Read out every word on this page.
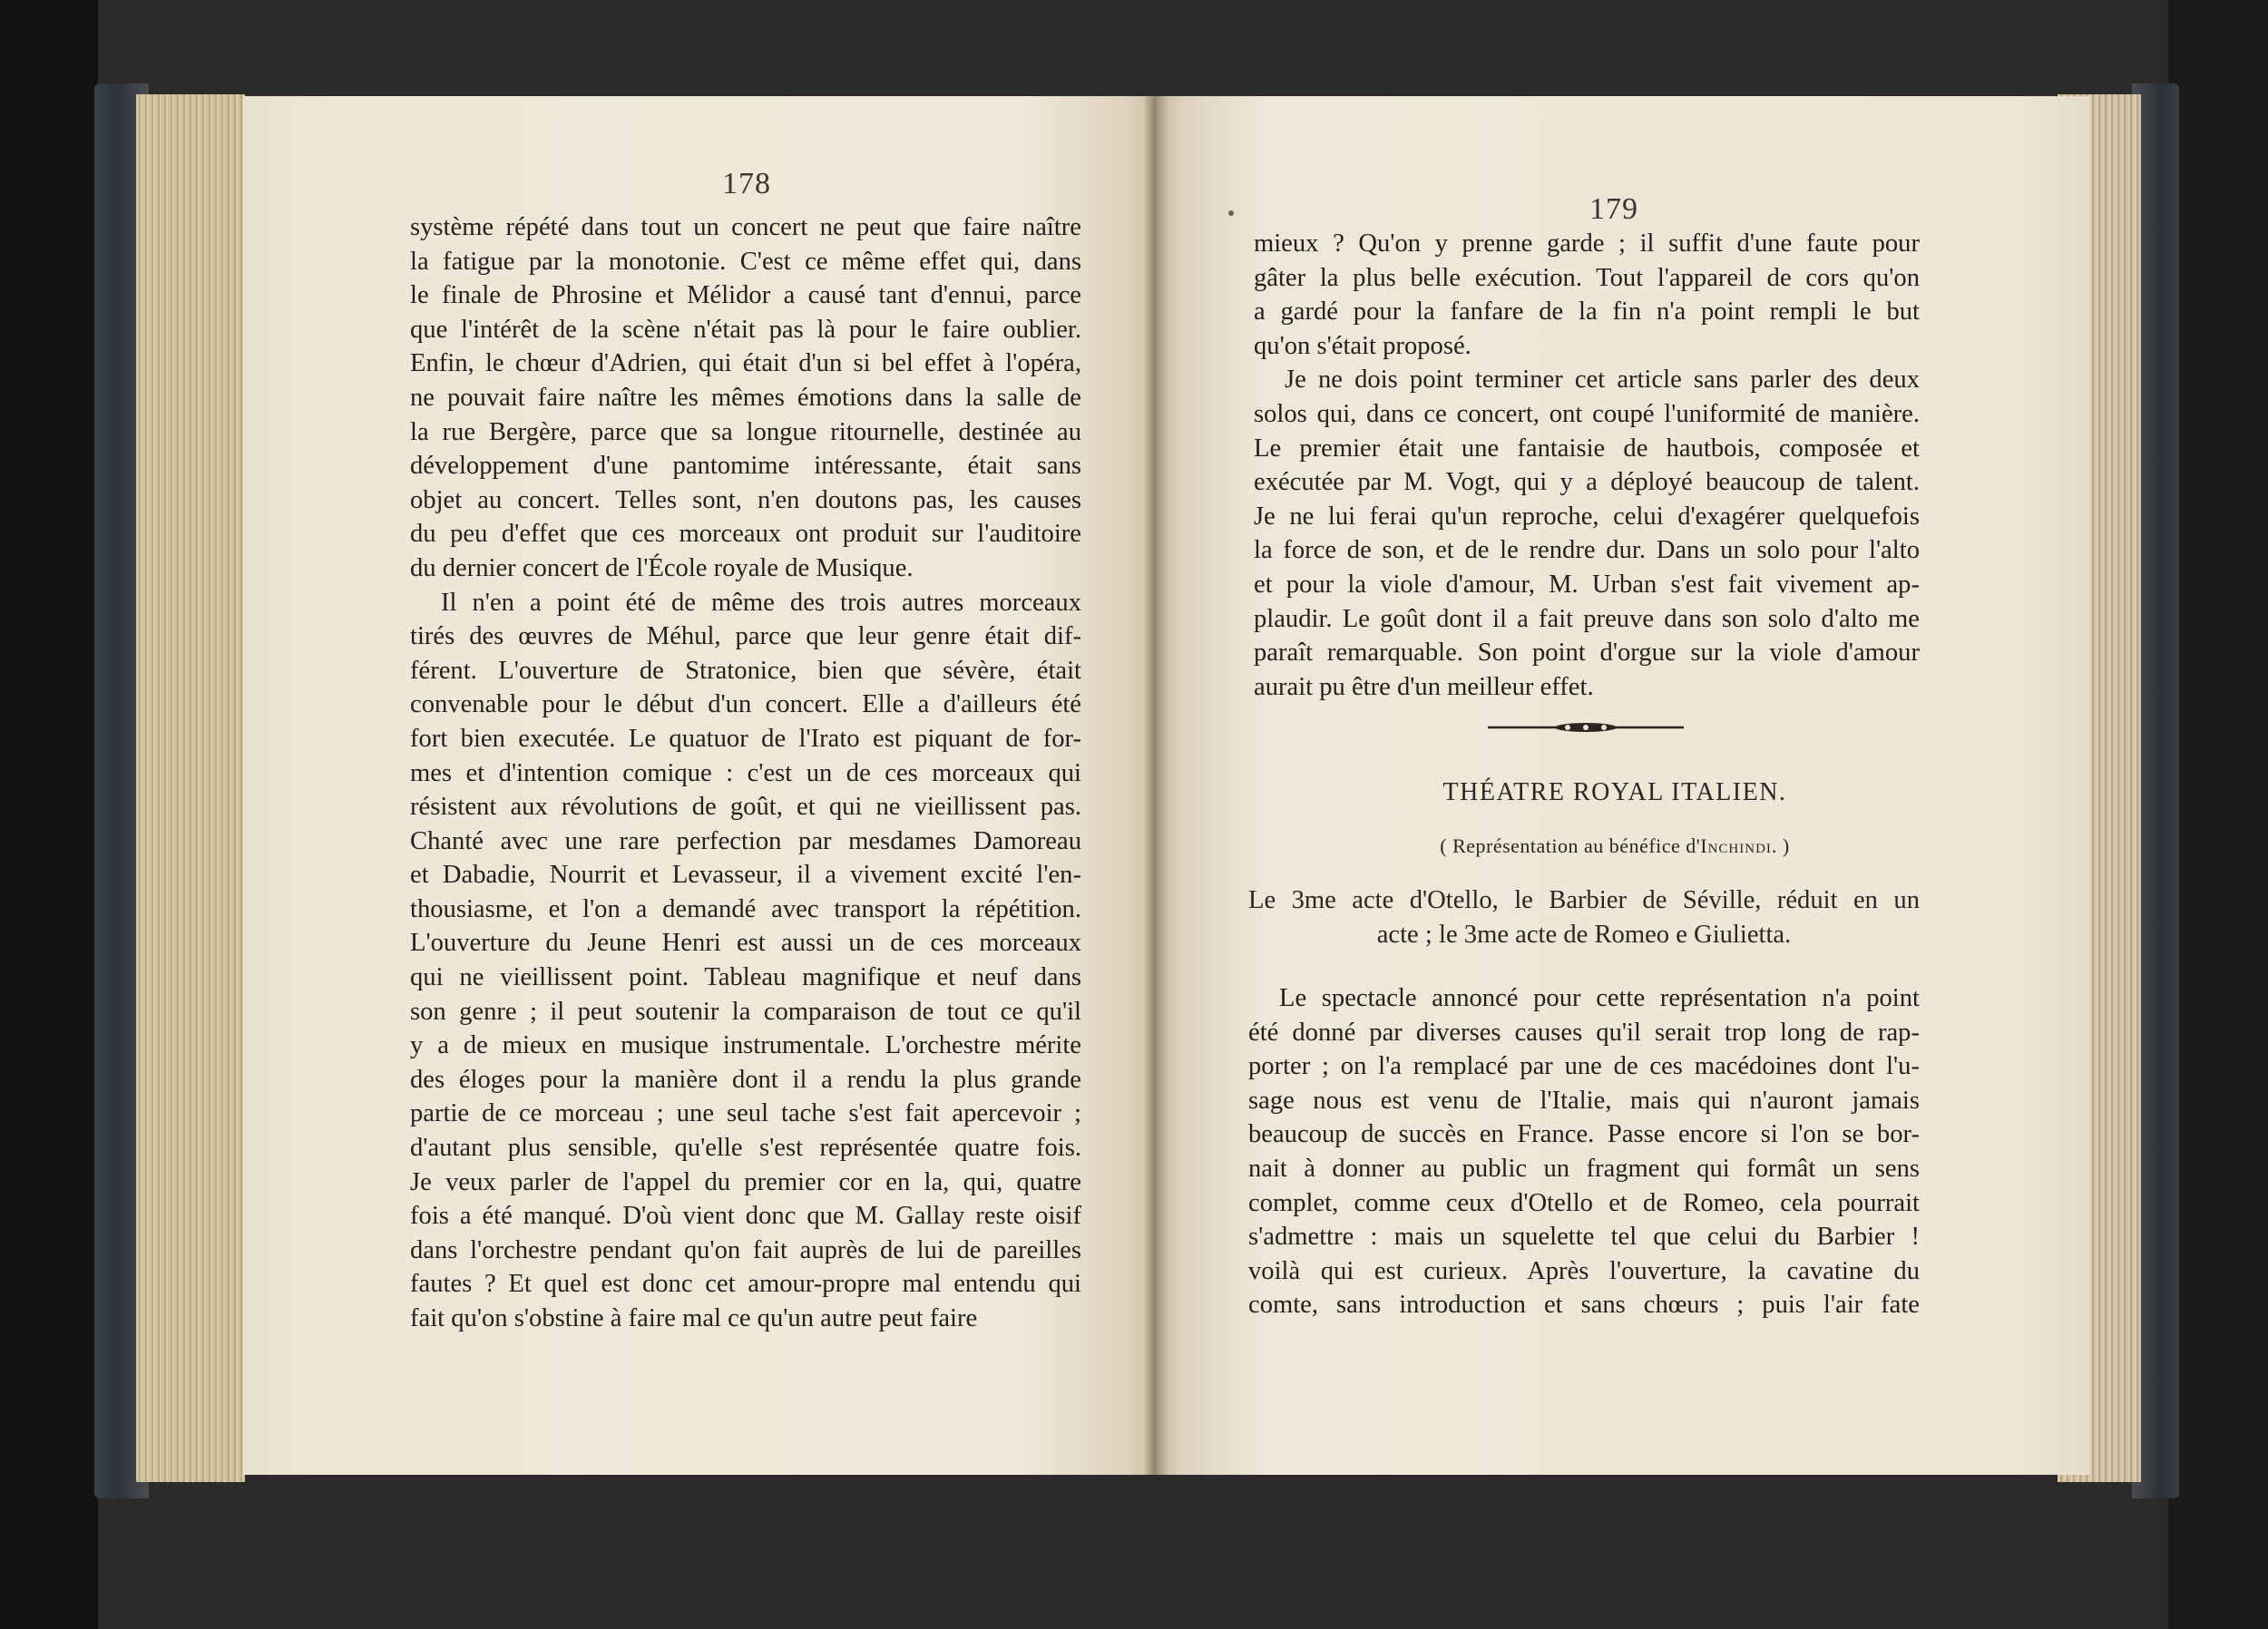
178
système répété dans tout un concert ne peut que faire naître
la fatigue par la monotonie. C'est ce même effet qui, dans
le finale de Phrosine et Mélidor a causé tant d'ennui, parce
que l'intérêt de la scène n'était pas là pour le faire oublier.
Enfin, le chœur d'Adrien, qui était d'un si bel effet à l'opéra,
ne pouvait faire naître les mêmes émotions dans la salle de
la rue Bergère, parce que sa longue ritournelle, destinée au
développement d'une pantomime intéressante, était sans
objet au concert. Telles sont, n'en doutons pas, les causes
du peu d'effet que ces morceaux ont produit sur l'auditoire
du dernier concert de l'École royale de Musique.
Il n'en a point été de même des trois autres morceaux
tirés des œuvres de Méhul, parce que leur genre était dif-
férent. L'ouverture de Stratonice, bien que sévère, était
convenable pour le début d'un concert. Elle a d'ailleurs été
fort bien executée. Le quatuor de l'Irato est piquant de for-
mes et d'intention comique : c'est un de ces morceaux qui
résistent aux révolutions de goût, et qui ne vieillissent pas.
Chanté avec une rare perfection par mesdames Damoreau
et Dabadie, Nourrit et Levasseur, il a vivement excité l'en-
thousiasme, et l'on a demandé avec transport la répétition.
L'ouverture du Jeune Henri est aussi un de ces morceaux
qui ne vieillissent point. Tableau magnifique et neuf dans
son genre ; il peut soutenir la comparaison de tout ce qu'il
y a de mieux en musique instrumentale. L'orchestre mérite
des éloges pour la manière dont il a rendu la plus grande
partie de ce morceau ; une seul tache s'est fait apercevoir ;
d'autant plus sensible, qu'elle s'est représentée quatre fois.
Je veux parler de l'appel du premier cor en la, qui, quatre
fois a été manqué. D'où vient donc que M. Gallay reste oisif
dans l'orchestre pendant qu'on fait auprès de lui de pareilles
fautes ? Et quel est donc cet amour-propre mal entendu qui
fait qu'on s'obstine à faire mal ce qu'un autre peut faire
179
mieux ? Qu'on y prenne garde ; il suffit d'une faute pour
gâter la plus belle exécution. Tout l'appareil de cors qu'on
a gardé pour la fanfare de la fin n'a point rempli le but
qu'on s'était proposé.
Je ne dois point terminer cet article sans parler des deux
solos qui, dans ce concert, ont coupé l'uniformité de manière.
Le premier était une fantaisie de hautbois, composée et
exécutée par M. Vogt, qui y a déployé beaucoup de talent.
Je ne lui ferai qu'un reproche, celui d'exagérer quelquefois
la force de son, et de le rendre dur. Dans un solo pour l'alto
et pour la viole d'amour, M. Urban s'est fait vivement ap-
plaudir. Le goût dont il a fait preuve dans son solo d'alto me
paraît remarquable. Son point d'orgue sur la viole d'amour
aurait pu être d'un meilleur effet.
THÉATRE ROYAL ITALIEN.
( Représentation au bénéfice d'Inchindi. )
Le 3me acte d'Otello, le Barbier de Séville, réduit en un
acte ; le 3me acte de Romeo e Giulietta.
Le spectacle annoncé pour cette représentation n'a point
été donné par diverses causes qu'il serait trop long de rap-
porter ; on l'a remplacé par une de ces macédoines dont l'u-
sage nous est venu de l'Italie, mais qui n'auront jamais
beaucoup de succès en France. Passe encore si l'on se bor-
nait à donner au public un fragment qui formât un sens
complet, comme ceux d'Otello et de Romeo, cela pourrait
s'admettre : mais un squelette tel que celui du Barbier !
voilà qui est curieux. Après l'ouverture, la cavatine du
comte, sans introduction et sans chœurs ; puis l'air fate
